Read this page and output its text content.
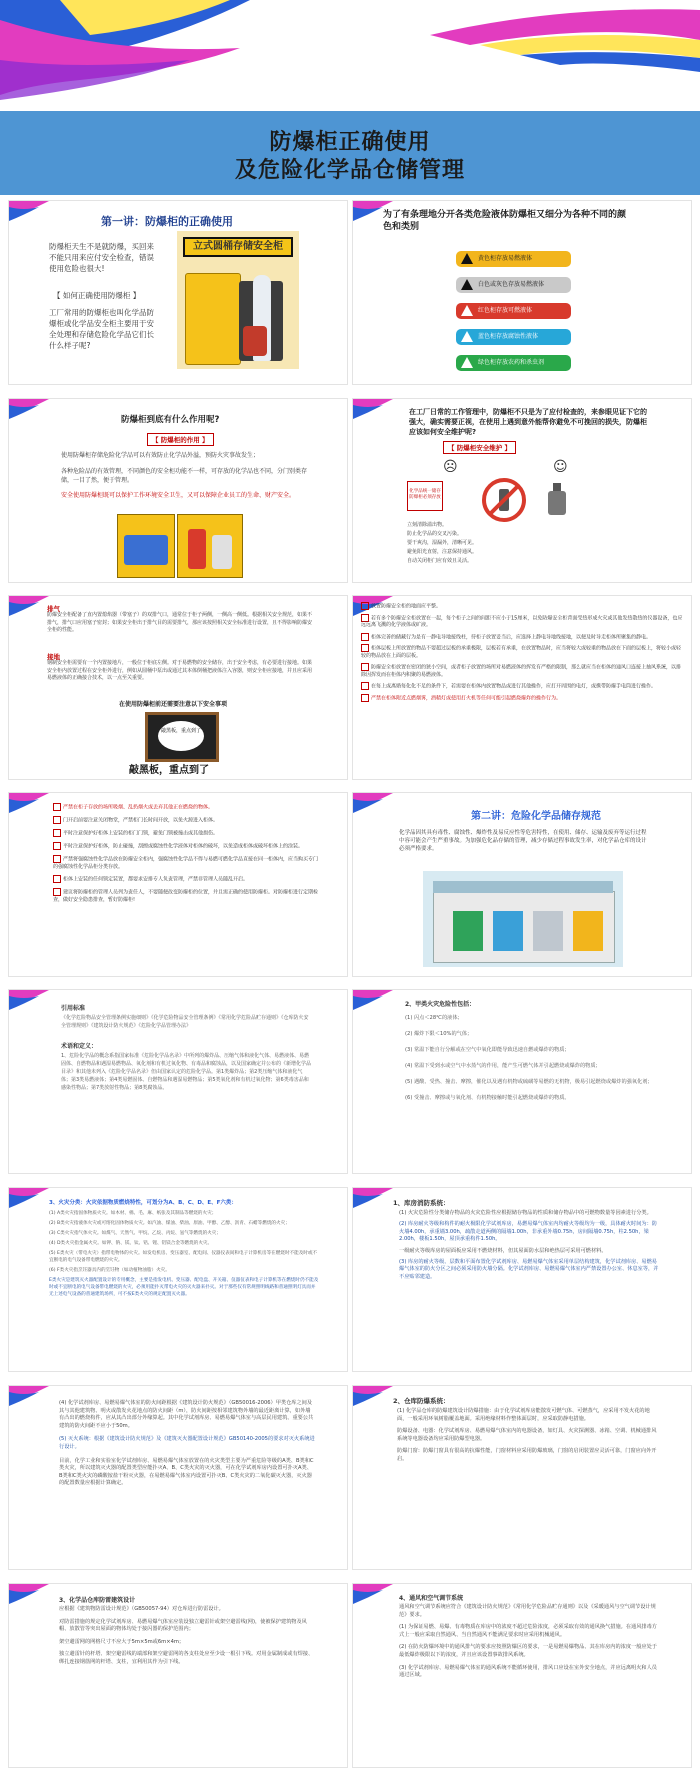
防爆柜正确使用
及危险化学品仓储管理
第一讲：防爆柜的正确使用
防爆柜天生不是就防爆，买回来不能只用来应付安全检查，错误使用危险也很大!
【 如何正确使用防爆柜 】
工厂常用的防爆柜也叫化学品防爆柜或化学品安全柜主要用于安全处理和存储危险化学品它们长什么样子呢?
立式圆桶存储安全柜
为了有条理地分开各类危险液体防爆柜又细分为各种不同的颜色和类别
黄色柜存放易燃液体
白色或灰色存放易燃液体
红色柜存放可燃液体
蓝色柜存放腐蚀性液体
绿色柜存放农药和杀虫剂
防爆柜到底有什么作用呢?
【 防爆柜的作用 】
使用防爆柜存储危险化学品可以有效防止化学品外溢，预防火灾事故发生；
各种危险品的有效管理，不同颜色的安全柜功能不一样，可存放的化学品也不同，分门别类存储，一目了然，便于管理。
安全使用防爆柜既可以保护工作环境安全卫生，又可以保障企业员工的生命、财产安全。
在工厂日常的工作管理中，防爆柜不只是为了应付检查的，来参眼见证下它的强大，确实需要正视，在使用上遇到意外能帮你避免不可挽回的损失，防爆柜应该如何安全维护呢?
【 防爆柜安全维护 】
☹	☺
化学品统一储存防爆柜必须存放
立刻清除溢出物。
防止化学品的交叉污染。
要干爽沟，湿漏外，清晰可见。
避免阳光直射，注意保持通风。
自动关闭柜门应有效且灵活。
排气
防爆安全柜配备了直内置熄焰器（带塞子）的双排气口，通常位于柜子两侧，一侧高一侧低。根据相关安全规范，如果不排气，排气口应用塞子密封；如果安全柜出于排气目的需要排气，那应该按照相关安全标准进行设置，且不得影响防爆安全柜的性能。
接地
钢制安全柜需要有一个内置接地片，一般位于柜底左侧。对于易燃物的安全储存，出于安全考虑，有必要进行接地。如果安全柜内放置过程在安全柜外进行，例如从圆桶中泵出或通过其本体倒桶把液体注入容器，则安全柜应接地，并且应采用易燃液体的正确接合技术，以一点至关重要。
在使用防爆柜前还需要注意以下安全事项
敲黑板，重点到了
敲黑板，重点到了
放置防爆安全柜的地面应平整。
若有多个防爆安全柜放置在一起，每个柜子之间的间距不应小于15厘米，以免防爆安全柜背面受热形成火灾或其他发热散热的仪器设备，也应远远离飞溅的化学液体或矿液。
柜体完善的储藏行为是有一静电导地接线柱，待柜子放置妥当后，应选择上静电导地线接地，以便及时导走柜体所聚集的静电。
柜体层板上所放置的物品不要超过层板的承重极限，层板若有承重，在放置物品时，应当将较大或较重的物品放在下面的层板上，将较小或轻较的物品放在上面的层板。
防爆安全柜放置在密闭的狭小空间，或者柜子放置的场所对易燃液体的挥发有严格的限制，那么就应当在柜体的通风口连接上抽风系统，以排除因挥发而在柜体内积聚的易燃液体。
在每上或离婚每化化不足的条件下，若需要在柜体内放置物品或进行其他操作，应打开周围的电灯，或携带防爆手电筒进行操作。
严禁在柜体附近点燃烟雾，酒精灯或使用打火机等任何可能引起燃烧爆炸的操作行为。
严禁在柜子存放的场所吸烟、乱扔烟火或丢弃其他正在燃烧的物体。
门开启前要注意关闭物堂，严禁柜门长时间开放，以免火源进入柜体。
平时注意保护好柜体上安装的柜门门锁，避免门锁被撞击或其他损伤。
平时注意保护好柜体，防止碰撞，刮擦或腐蚀性化学液体对柜体的破坏，以免造成柜体或破坏柜体上的涂装。
严禁将强腐蚀性化学品放在防爆安全柜内，强腐蚀性化学品不得与易燃可燃化学品直接在同一柜体内，应当购买专门的强腐蚀性化学品柜分类存放。
柜体上安装的任何锁定装置，都要求安排专人负责管理，严禁非管理人员随乱开启。
建议将防爆柜的管理人员列为责任人，不要随便改变防爆柜的位置，并且需正确的使用防爆柜。对防爆柜进行定期检查，做好安全隐患排查，暂好防爆柜!
第二讲：危险化学品储存规范
化学品因其具有毒性、腐蚀性、爆炸性及易反应性等危害特性，在使用、储存、运输及废弃等运行过程中容可能会产生严重事故。为加强危化品存储的管理，减少存储过程事故发生率，对化学品仓库的设计必须严格要求。
引用标准
《化学危险物品安全管理条例实施细则》《化学危险物品安全管理条例》《常用化学危险品贮存通则》《仓库防火安全管理规则》《建筑设计防火规范》《危险化学品管理办法》
术语和定义：
1、危险化学品的概念系指国家标准《危险化学品名录》中所列的爆炸品、压缩气体和液化气体、易燃液体、易燃固体、自燃物品和遇湿易燃物品、氧化剂和有机过氧化物、有毒品和腐蚀品，以及国家确定并公布的《新增化学品目录》和其他未列入《危险化学品名录》但由国家认定的危险化学品。第1类爆炸品；第2类压缩气体和液化气体；第3类易燃液体；第4类易燃固体、自燃物品和遇湿易燃物品；第5类氧化剂和有机过氧化物；第6类毒害品和感染性物品；第7类放射性物品；第8类腐蚀品。
2、甲类火灾危险性包括：
(1) 闪点＜28℃的液体；
(2) 爆炸下限＜10%的气体；
(3) 常温下能自行分解或在空气中氧化即能导致迅速自燃或爆炸的物质；
(4) 常温下受到水或空气中水蒸气的作用，能产生可燃气体并引起燃烧或爆炸的物质；
(5) 遇酸、受热、撞击、摩擦，催化以及遇有机物或硫磺等易燃的无机物，极易引起燃烧或爆炸的强氧化剂；
(6) 受撞击、摩擦或与氧化剂、有机物接触时能引起燃烧或爆炸的物质。
3、火灾分类：火灾依据物质燃烧特性，可划分为A、B、C、D、E、F六类：
(1) A类火灾指固体物质火灾。如木材、棉、毛、麻、纸张及其制品等燃烧的火灾；
(2) B类火灾指液体火灾或可熔化固体物质火灾。如汽油、煤油、柴油、原油、甲醇、乙醇、沥青、石蜡等燃烧的火灾；
(3) C类火灾指气体火灾。如煤气、天然气、甲烷、乙烷、丙烷、氢气等燃烧的火灾；
(4) D类火灾指金属火灾。如钾、钠、镁、钛、锆、锂、铝镁合金等燃烧的火灾。
(5) E类火灾（带电火灾）指带电物体的火灾。如发电机房、变压器室、配电间、仪器仪表间和电子计算机房等在燃烧时不能及时或不宜断电的电气设备带电燃烧的火灾。
(6) F类火灾指烹饪器具内的烹饪物（如动植物油脂）火灾。
E类火灾是建筑灭火器配置设计的专用概念，主要是指发电机、变压器、配电盘、开关箱、仪器仪表和电子计算机等在燃烧时仍不能及时或不宜断电的电气设备带电燃烧的火灾，必须用能扑灭带电火灾的灭火器来扑灭。对于那些仅有常规照明线路和普通照明灯具而并无上述电气设备的普通建筑场所，可不按E类火灾的规定配置灭火器。
1、库房消防系统：
(1) 火灾危险性分类储存物品的火灾危险性应根据储存物品的性质和储存物品中的可燃物数量等因素进行分类。
(2) 库房耐火等级和构件的耐火极限化学试剂库房，易燃易爆气体室内均耐火等级均为一级，具体耐火时间为：防火墙4.00h，承重墙3.00h，疏散走道两侧的隔墙1.00h，非承重外墙0.75h，房间隔墙0.75h，柱2.50h，梁2.00h，楼板1.50h，屋顶承重构件1.50h。
一级耐火等级库房的屋面板应采用不燃烧材料，但其屋面防水层和绝热层可采用可燃材料。
(3) 库房的耐火等级、层数和平面布置化学试剂库房、易燃易爆气体室采用单层结构建筑，化学试剂库房、易燃易爆气体室的防火分区之间必须采用防火墙分隔。化学试剂库房、易燃易爆气体室内严禁设置办公室、休息室等，并不应贴邻建造。
(4) 化学试剂库房、易燃易爆气体室的防火间距根据《建筑设计防火规范》（GB50016-2006）甲类仓库之间及其与其他建筑物、明火或散发火花地点的防火间距（m），防火间距按相邻建筑物外墙的最近距离计算，如外墙有凸出的燃烧构件，应从其凸出部分外缘算起。其中化学试剂库房、易燃易爆气体室与高层民用建筑、重要公共建筑的防火间距不应小于50m。
(5) 灭火系统：根据《建筑设计防火规范》及《建筑灭火器配置设计规范》GB50140-2005的要求对灭火系统进行设计。
目前，化学工业和实验室化学试剂库房、易燃易爆气体室放置在的火灾类型主要为严重危险等级的A类、B类和C类火灾，所以建筑灭火器的配置类型应能扑灭A、B、C类火灾的灭火器，可在化学试剂库房内设置可扑灭A类、B类和C类火灾的磷酸铵盐干粉灭火器，在易燃易爆气体室内设置可扑灭B、C类火灾的二氧化碳灭火器，灭火器的配置数量应根据计算确定。
2、仓库防爆系统：
(1) 化学品仓库的防爆建筑设计防爆措施：由于化学试剂库房能散发可燃气体、可燃蒸气，应采用不发火花的地面，一般采用环氧树脂覆盖地面。采用绝缘材料作整体面层时，应采取防静电措施。
防爆设备、电器：化学试剂库房、易燃易爆气体室内的电器设备，如灯具、火灾探测器、冰箱、空调、机械通排风系统等电器设备均应采用防爆型电器。
防爆门窗：防爆门窗具有很高的抗爆性能，门窗材料应采用防爆玻璃，门窗的启闭装置应灵活可靠，门窗应向外开启。
3、化学品仓库防雷建筑设计
应根据《建筑物防雷设计规范》（GB50057-94）对仓库进行防雷设计。
对防雷措施的规定化学试剂库房、易燃易爆气体室应装设独立避雷针或架空避雷线(网)，使被保护建筑物及风帽、放散管等突出屋面的物体均处于接闪器的保护范围内；
架空避雷网的网格尺寸不应大于5m×5m或6m×4m；
独立避雷针的杆塔、架空避雷线的端部和架空避雷网的各支柱处应至少设一根引下线。对用金属制成或有焊接、绑扎连接钢筋网的杆塔、支柱，宜利用其作为引下线。
4、通风和空气调节系统
通风和空气调节系统应符合《建筑设计防火规范》《常用化学危险品贮存通则》以及《采暖通风与空气调节设计规范》要求。
(1) 为保证易燃、易爆、有毒物质在库房中的浓度不超过危险浓度，必须采取有效的通风换气措施。在通风排毒方式上一般应采取自然通风、当自然通风不能满足要求时应采用机械通风。
(2) 在防火防爆环境中的通风排气的要求应按照防爆区的要求，一是易燃易爆物品、其在库房内的浓度一般应处于最低爆炸极限以下的浓度，并且应该设置事故排风系统。
(3) 化学试剂库房、易燃易爆气体室的通风系统不能循环使用，排风口应设在室外安全地点，并应远离明火和人员通过区域。
